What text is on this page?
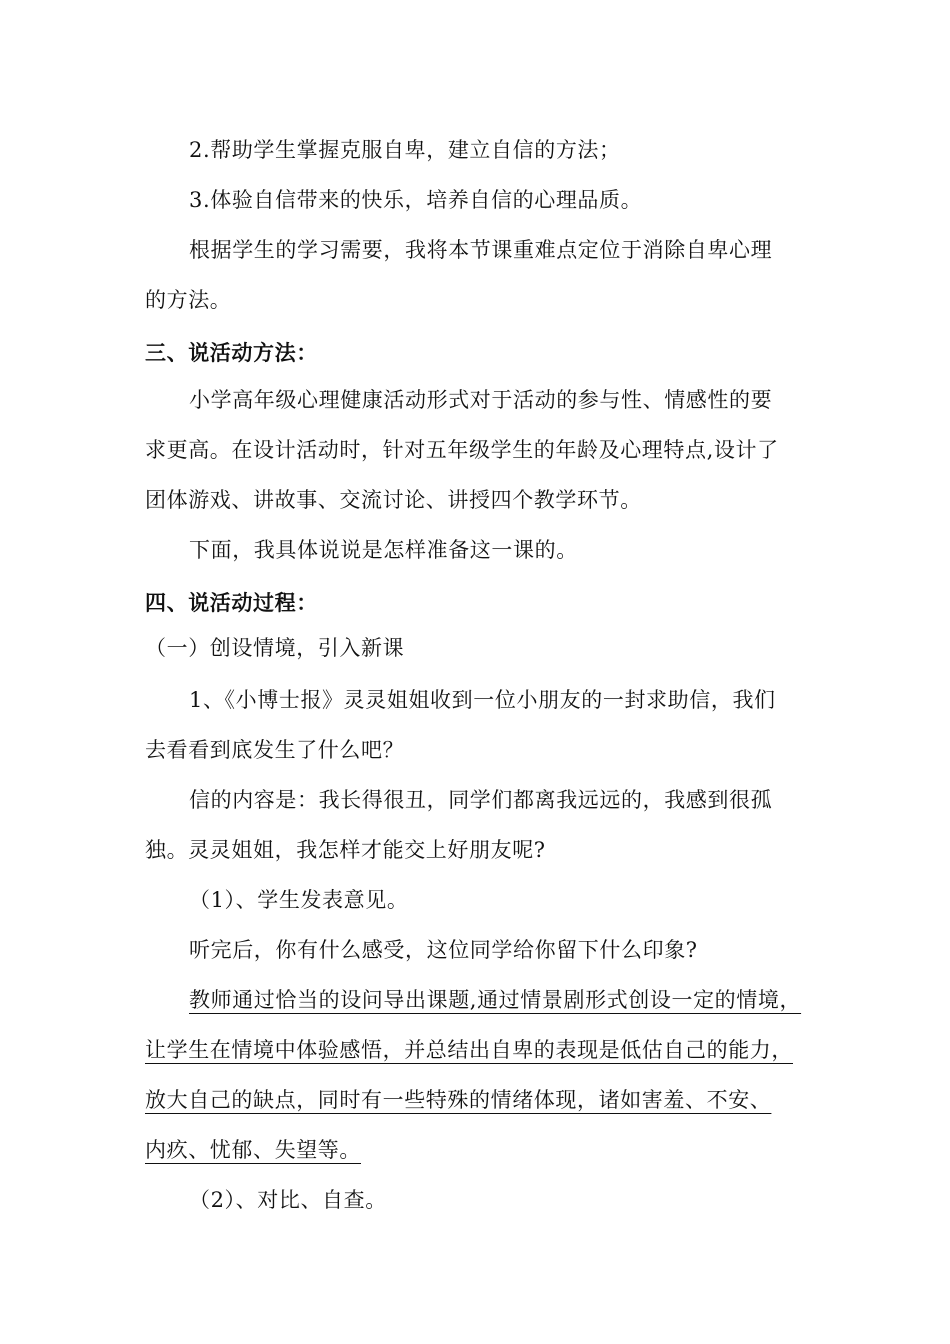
2.帮助学生掌握克服自卑，建立自信的方法；
3.体验自信带来的快乐，培养自信的心理品质。
根据学生的学习需要，我将本节课重难点定位于消除自卑心理
的方法。
三、说活动方法：
小学高年级心理健康活动形式对于活动的参与性、情感性的要
求更高。在设计活动时，针对五年级学生的年龄及心理特点,设计了
团体游戏、讲故事、交流讨论、讲授四个教学环节。
下面，我具体说说是怎样准备这一课的。
四、说活动过程：
（一）创设情境，引入新课
1、《小博士报》灵灵姐姐收到一位小朋友的一封求助信，我们
去看看到底发生了什么吧？
信的内容是：我长得很丑，同学们都离我远远的，我感到很孤
独。灵灵姐姐，我怎样才能交上好朋友呢?
（1）、学生发表意见。
听完后，你有什么感受，这位同学给你留下什么印象?
教师通过恰当的设问导出课题,通过情景剧形式创设一定的情境，
让学生在情境中体验感悟，并总结出自卑的表现是低估自己的能力，
放大自己的缺点，同时有一些特殊的情绪体现，诸如害羞、不安、
内疚、忧郁、失望等。
（2）、对比、自查。
